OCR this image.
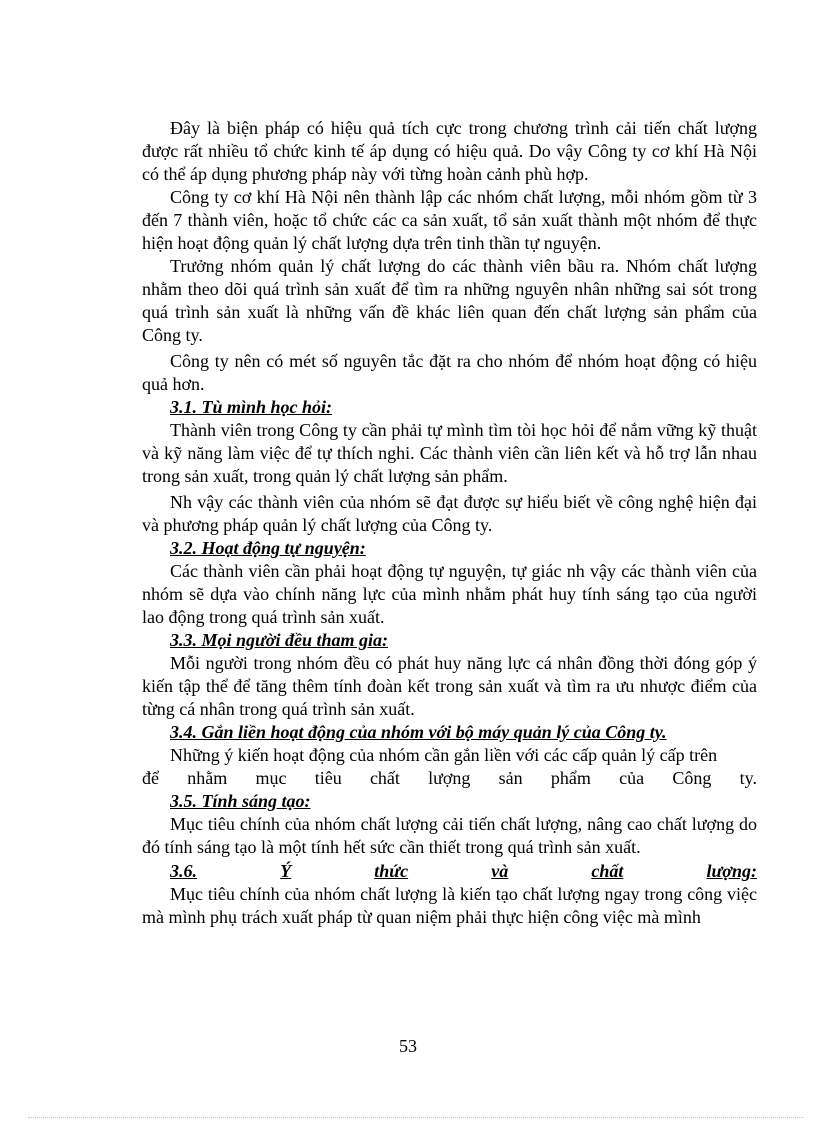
Đây là biện pháp có hiệu quả tích cực trong chương trình cải tiến chất lượng được rất nhiều tổ chức kinh tế áp dụng có hiệu quả. Do vậy Công ty cơ khí Hà Nội có thể áp dụng phương pháp này với từng hoàn cảnh phù hợp.

Công ty cơ khí Hà Nội nên thành lập các nhóm chất lượng, mỗi nhóm gồm từ 3 đến 7 thành viên, hoặc tổ chức các ca sản xuất, tổ sản xuất thành một nhóm để thực hiện hoạt động quản lý chất lượng dựa trên tinh thần tự nguyện.

Trưởng nhóm quản lý chất lượng do các thành viên bầu ra. Nhóm chất lượng nhằm theo dõi quá trình sản xuất để tìm ra những nguyên nhân những sai sót trong quá trình sản xuất là những vấn đề khác liên quan đến chất lượng sản phẩm của Công ty.

Công ty nên có mét số nguyên tắc đặt ra cho nhóm để nhóm hoạt động có hiệu quả hơn.

3.1. Tù mình học hỏi:

Thành viên trong Công ty cần phải tự mình tìm tòi học hỏi để nắm vững kỹ thuật và kỹ năng làm việc để tự thích nghi. Các thành viên cần liên kết và hỗ trợ lẫn nhau trong sản xuất, trong quản lý chất lượng sản phẩm.

Nh vậy các thành viên của nhóm sẽ đạt được sự hiểu biết về công nghệ hiện đại và phương pháp quản lý chất lượng của Công ty.

3.2. Hoạt động tự nguyện:

Các thành viên cần phải hoạt động tự nguyện, tự giác nh vậy các thành viên của nhóm sẽ dựa vào chính năng lực của mình nhằm phát huy tính sáng tạo của người lao động trong quá trình sản xuất.

3.3. Mọi người đều tham gia:

Mỗi người trong nhóm đều có phát huy năng lực cá nhân đồng thời đóng góp ý kiến tập thể để tăng thêm tính đoàn kết trong sản xuất và tìm ra ưu nhược điểm của từng cá nhân trong quá trình sản xuất.

3.4. Gắn liền hoạt động của nhóm với bộ máy quản lý của Công ty.

Những ý kiến hoạt động của nhóm cần gắn liền với các cấp quản lý cấp trên

để nhằm mục tiêu chất lượng sản phẩm của Công ty.

3.5. Tính sáng tạo:

Mục tiêu chính của nhóm chất lượng cải tiến chất lượng, nâng cao chất lượng do đó tính sáng tạo là một tính hết sức cần thiết trong quá trình sản xuất.

3.6.	Ý	thức	và	chất	lượng:

Mục tiêu chính của nhóm chất lượng là kiến tạo chất lượng ngay trong công việc mà mình phụ trách xuất pháp từ quan niệm phải thực hiện công việc mà mình

53
